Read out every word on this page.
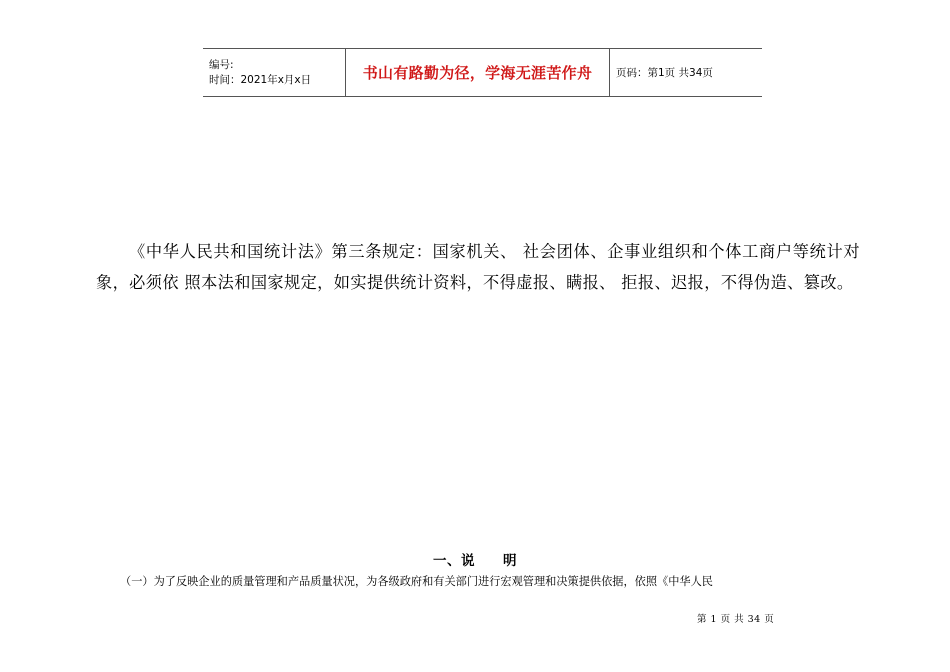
编号:
时间：2021年x月x日	书山有路勤为径，学海无涯苦作舟 页码：第1页 共34页

《中华人民共和国统计法》第三条规定：国家机关、 社会团体、企事业组织和个体工商户等统计对象，必须依 照本法和国家规定，如实提供统计资料，不得虚报、瞒报、 拒报、迟报，不得伪造、篡改。

一、说　　明

（一）为了反映企业的质量管理和产品质量状况，为各级政府和有关部门进行宏观管理和决策提供依据，依照《中华人民

第 1 页 共 34 页
